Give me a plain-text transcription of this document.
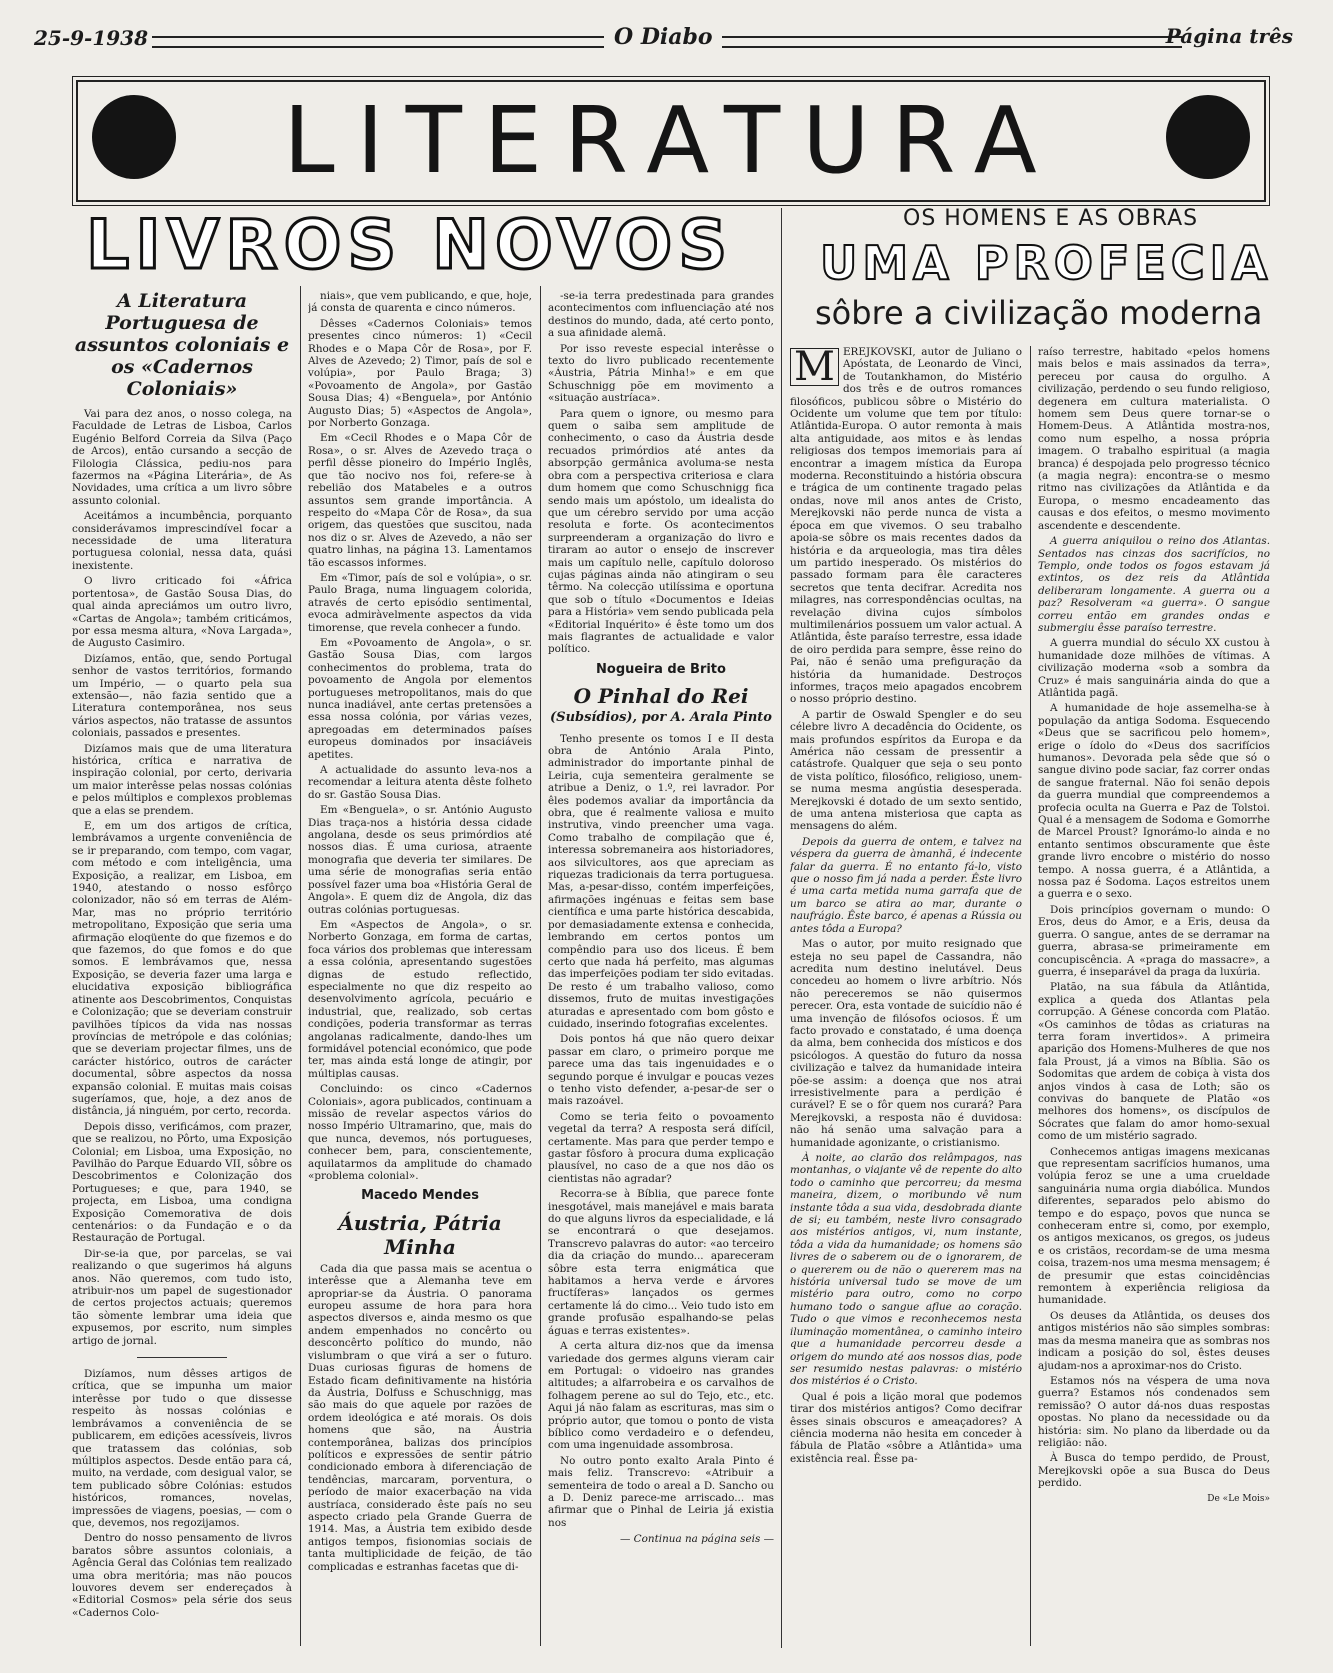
25-9-1938	O Diabo	Página três
LITERATURA
LIVROS NOVOS	OS HOMENS E AS OBRAS
UMA PROFECIA
sôbre a civilização moderna
A Literatura Portuguesa de assuntos coloniais e os «Cadernos Coloniais»

Vai para dez anos, o nosso colega, na Faculdade de Letras de Lisboa, Carlos Eugénio Belford Correia da Silva (Paço de Arcos), então cursando a secção de Filologia Clássica, pediu-nos para fazermos na «Página Literária», de As Novidades, uma crítica a um livro sôbre assunto colonial.

Aceitámos a incumbência, porquanto considerávamos imprescindível focar a necessidade de uma literatura portuguesa colonial, nessa data, quási inexistente.

O livro criticado foi «África portentosa», de Gastão Sousa Dias, do qual ainda apreciámos um outro livro, «Cartas de Angola»; também criticámos, por essa mesma altura, «Nova Largada», de Augusto Casimiro.

Dizíamos, então, que, sendo Portugal senhor de vastos territórios, formando um Império, — o quarto pela sua extensão—, não fazia sentido que a Literatura contemporânea, nos seus vários aspectos, não tratasse de assuntos coloniais, passados e presentes.

Dizíamos mais que de uma literatura histórica, crítica e narrativa de inspiração colonial, por certo, derivaria um maior interêsse pelas nossas colónias e pelos múltiplos e complexos problemas que a elas se prendem.

E, em um dos artigos de crítica, lembrávamos a urgente conveniência de se ir preparando, com tempo, com vagar, com método e com inteligência, uma Exposição, a realizar, em Lisboa, em 1940, atestando o nosso esfôrço colonizador, não só em terras de Além-Mar, mas no próprio território metropolitano, Exposição que seria uma afirmação eloqüente do que fizemos e do que fazemos, do que fomos e do que somos. E lembrávamos que, nessa Exposição, se deveria fazer uma larga e elucidativa exposição bibliográfica atinente aos Descobrimentos, Conquistas e Colonização; que se deveriam construir pavilhões típicos da vida nas nossas províncias de metrópole e das colónias; que se deveriam projectar filmes, uns de carácter histórico, outros de carácter documental, sôbre aspectos da nossa expansão colonial. E muitas mais coisas sugeríamos, que, hoje, a dez anos de distância, já ninguém, por certo, recorda.

Depois disso, verificámos, com prazer, que se realizou, no Pôrto, uma Exposição Colonial; em Lisboa, uma Exposição, no Pavilhão do Parque Eduardo VII, sôbre os Descobrimentos e Colonização dos Portugueses; e que, para 1940, se projecta, em Lisboa, uma condigna Exposição Comemorativa de dois centenários: o da Fundação e o da Restauração de Portugal.

Dir-se-ia que, por parcelas, se vai realizando o que sugerimos há alguns anos. Não queremos, com tudo isto, atribuir-nos um papel de sugestionador de certos projectos actuais; queremos tão sòmente lembrar uma ideia que expusemos, por escrito, num simples artigo de jornal.

Dizíamos, num dêsses artigos de crítica, que se impunha um maior interêsse por tudo o que dissesse respeito às nossas colónias e lembrávamos a conveniência de se publicarem, em edições acessíveis, livros que tratassem das colónias, sob múltiplos aspectos. Desde então para cá, muito, na verdade, com desigual valor, se tem publicado sôbre Colónias: estudos históricos, romances, novelas, impressões de viagens, poesias, — com o que, devemos, nos regozijamos.

Dentro do nosso pensamento de livros baratos sôbre assuntos coloniais, a Agência Geral das Colónias tem realizado uma obra meritória; mas não poucos louvores devem ser endereçados à «Editorial Cosmos» pela série dos seus «Cadernos Colo-

niais», que vem publicando, e que, hoje, já consta de quarenta e cinco números.

Dêsses «Cadernos Coloniais» temos presentes cinco números: 1) «Cecil Rhodes e o Mapa Côr de Rosa», por F. Alves de Azevedo; 2) Timor, país de sol e volúpia», por Paulo Braga; 3) «Povoamento de Angola», por Gastão Sousa Dias; 4) «Benguela», por António Augusto Dias; 5) «Aspectos de Angola», por Norberto Gonzaga.

Em «Cecil Rhodes e o Mapa Côr de Rosa», o sr. Alves de Azevedo traça o perfil dêsse pioneiro do Império Inglês, que tão nocivo nos foi, refere-se à rebelião dos Matabeles e a outros assuntos sem grande importância. A respeito do «Mapa Côr de Rosa», da sua origem, das questões que suscitou, nada nos diz o sr. Alves de Azevedo, a não ser quatro linhas, na página 13. Lamentamos tão escassos informes.

Em «Timor, país de sol e volúpia», o sr. Paulo Braga, numa linguagem colorida, através de certo episódio sentimental, evoca admiràvelmente aspectos da vida timorense, que revela conhecer a fundo.

Em «Povoamento de Angola», o sr. Gastão Sousa Dias, com largos conhecimentos do problema, trata do povoamento de Angola por elementos portugueses metropolitanos, mais do que nunca inadiável, ante certas pretensões a essa nossa colónia, por várias vezes, apregoadas em determinados países europeus dominados por insaciáveis apetites.

A actualidade do assunto leva-nos a recomendar a leitura atenta dêste folheto do sr. Gastão Sousa Dias.

Em «Benguela», o sr. António Augusto Dias traça-nos a história dessa cidade angolana, desde os seus primórdios até nossos dias. É uma curiosa, atraente monografia que deveria ter similares. De uma série de monografias seria então possível fazer uma boa «História Geral de Angola». E quem diz de Angola, diz das outras colónias portuguesas.

Em «Aspectos de Angola», o sr. Norberto Gonzaga, em forma de cartas, foca vários dos problemas que interessam a essa colónia, apresentando sugestões dignas de estudo reflectido, especialmente no que diz respeito ao desenvolvimento agrícola, pecuário e industrial, que, realizado, sob certas condições, poderia transformar as terras angolanas radicalmente, dando-lhes um formidável potencial económico, que pode ter, mas ainda está longe de atingir, por múltiplas causas.

Concluindo: os cinco «Cadernos Coloniais», agora publicados, continuam a missão de revelar aspectos vários do nosso Império Ultramarino, que, mais do que nunca, devemos, nós portugueses, conhecer bem, para, conscientemente, aquilatarmos da amplitude do chamado «problema colonial».

Macedo Mendes
Áustria, Pátria Minha

Cada dia que passa mais se acentua o interêsse que a Alemanha teve em apropriar-se da Áustria. O panorama europeu assume de hora para hora aspectos diversos e, ainda mesmo os que andem empenhados no concêrto ou desconcêrto político do mundo, não vislumbram o que virá a ser o futuro. Duas curiosas figuras de homens de Estado ficam definitivamente na história da Áustria, Dolfuss e Schuschnigg, mas são mais do que aquele por razões de ordem ideológica e até morais. Os dois homens que são, na Áustria contemporânea, balizas dos princípios políticos e expressões de sentir pátrio condicionado embora à diferenciação de tendências, marcaram, porventura, o período de maior exacerbação na vida austríaca, considerado êste país no seu aspecto criado pela Grande Guerra de 1914. Mas, a Áustria tem exibido desde antigos tempos, fisionomias sociais de tanta multiplicidade de feição, de tão complicadas e estranhas facetas que di-

-se-ia terra predestinada para grandes acontecimentos com influenciação até nos destinos do mundo, dada, até certo ponto, a sua afinidade alemã.

Por isso reveste especial interêsse o texto do livro publicado recentemente «Áustria, Pátria Minha!» e em que Schuschnigg põe em movimento a «situação austríaca».

Para quem o ignore, ou mesmo para quem o saiba sem amplitude de conhecimento, o caso da Áustria desde recuados primórdios até antes da absorpção germânica avoluma-se nesta obra com a perspectiva criteriosa e clara dum homem que como Schuschnigg fica sendo mais um apóstolo, um idealista do que um cérebro servido por uma acção resoluta e forte. Os acontecimentos surpreenderam a organização do livro e tiraram ao autor o ensejo de inscrever mais um capítulo nelle, capítulo doloroso cujas páginas ainda não atingiram o seu têrmo. Na colecção utilíssima e oportuna que sob o título «Documentos e Ideias para a História» vem sendo publicada pela «Editorial Inquérito» é êste tomo um dos mais flagrantes de actualidade e valor político.

Nogueira de Brito
O Pinhal do Rei
(Subsídios), por A. Arala Pinto

Tenho presente os tomos I e II desta obra de António Arala Pinto, administrador do importante pinhal de Leiria, cuja sementeira geralmente se atribue a Deniz, o 1.º, rei lavrador. Por êles podemos avaliar da importância da obra, que é realmente valiosa e muito instrutiva, vindo preencher uma vaga. Como trabalho de compilação que é, interessa sobremaneira aos historiadores, aos silvicultores, aos que apreciam as riquezas tradicionais da terra portuguesa. Mas, a-pesar-disso, contém imperfeições, afirmações ingénuas e feitas sem base científica e uma parte histórica descabida, por demasiadamente extensa e conhecida, lembrando em certos pontos um compêndio para uso dos liceus. É bem certo que nada há perfeito, mas algumas das imperfeições podiam ter sido evitadas. De resto é um trabalho valioso, como dissemos, fruto de muitas investigações aturadas e apresentado com bom gôsto e cuidado, inserindo fotografias excelentes.

Dois pontos há que não quero deixar passar em claro, o primeiro porque me parece uma das tais ingenuidades e o segundo porque é invulgar e poucas vezes o tenho visto defender, a-pesar-de ser o mais razoável.

Como se teria feito o povoamento vegetal da terra? A resposta será difícil, certamente. Mas para que perder tempo e gastar fôsforo à procura duma explicação plausível, no caso de a que nos dão os cientistas não agradar?

Recorra-se à Bíblia, que parece fonte inesgotável, mais manejável e mais barata do que alguns livros da especialidade, e lá se encontrará o que desejamos. Transcrevo palavras do autor: «ao terceiro dia da criação do mundo... apareceram sôbre esta terra enigmática que habitamos a herva verde e árvores fructíferas» lançados os germes certamente lá do cimo... Veio tudo isto em grande profusão espalhando-se pelas águas e terras existentes».

A certa altura diz-nos que da imensa variedade dos germes alguns vieram cair em Portugal: o vidoeiro nas grandes altitudes; a alfarrobeira e os carvalhos de folhagem perene ao sul do Tejo, etc., etc. Aqui já não falam as escrituras, mas sim o próprio autor, que tomou o ponto de vista bíblico como verdadeiro e o defendeu, com uma ingenuidade assombrosa.

No outro ponto exalto Arala Pinto é mais feliz. Transcrevo: «Atribuir a sementeira de todo o areal a D. Sancho ou a D. Deniz parece-me arriscado... mas afirmar que o Pinhal de Leiria já existia nos

— Continua na página seis —

M EREJKOVSKI, autor de Juliano o Apóstata, de Leonardo de Vinci, de Toutankhamon, do Mistério dos três e de outros romances filosóficos, publicou sôbre o Mistério do Ocidente um volume que tem por título: Atlântida-Europa. O autor remonta à mais alta antiguidade, aos mitos e às lendas religiosas dos tempos imemoriais para aí encontrar a imagem mística da Europa moderna. Reconstituindo a história obscura e trágica de um continente tragado pelas ondas, nove mil anos antes de Cristo, Merejkovski não perde nunca de vista a época em que vivemos. O seu trabalho apoia-se sôbre os mais recentes dados da história e da arqueologia, mas tira dêles um partido inesperado. Os mistérios do passado formam para êle caracteres secretos que tenta decifrar. Acredita nos milagres, nas correspondências ocultas, na revelação divina cujos símbolos multimilenários possuem um valor actual. A Atlântida, êste paraíso terrestre, essa idade de oiro perdida para sempre, êsse reino do Pai, não é senão uma prefiguração da história da humanidade. Destroços informes, traços meio apagados encobrem o nosso próprio destino.

A partir de Oswald Spengler e do seu célebre livro A decadência do Ocidente, os mais profundos espíritos da Europa e da América não cessam de pressentir a catástrofe. Qualquer que seja o seu ponto de vista político, filosófico, religioso, unem-se numa mesma angústia desesperada. Merejkovski é dotado de um sexto sentido, de uma antena misteriosa que capta as mensagens do além.

Depois da guerra de ontem, e talvez na véspera da guerra de àmanhã, é indecente falar da guerra. É no entanto fá-lo, visto que o nosso fim já nada a perder. Êste livro é uma carta metida numa garrafa que de um barco se atira ao mar, durante o naufrágio. Êste barco, é apenas a Rússia ou antes tôda a Europa?

Mas o autor, por muito resignado que esteja no seu papel de Cassandra, não acredita num destino inelutável. Deus concedeu ao homem o livre arbítrio. Nós não pereceremos se não quisermos perecer. Ora, esta vontade de suicídio não é uma invenção de filósofos ociosos. É um facto provado e constatado, é uma doença da alma, bem conhecida dos místicos e dos psicólogos. A questão do futuro da nossa civilização e talvez da humanidade inteira põe-se assim: a doença que nos atrai irresistivelmente para a perdição é curável? E se o fôr quem nos curará? Para Merejkovski, a resposta não é duvidosa: não há senão uma salvação para a humanidade agonizante, o cristianismo.

À noite, ao clarão dos relâmpagos, nas montanhas, o viajante vê de repente do alto todo o caminho que percorreu; da mesma maneira, dizem, o moribundo vê num instante tôda a sua vida, desdobrada diante de si; eu também, neste livro consagrado aos mistérios antigos, vi, num instante, tôda a vida da humanidade; os homens são livres de o saberem ou de o ignorarem, de o quererem ou de não o quererem mas na história universal tudo se move de um mistério para outro, como no corpo humano todo o sangue aflue ao coração. Tudo o que vimos e reconhecemos nesta iluminação momentânea, o caminho inteiro que a humanidade percorreu desde a origem do mundo até aos nossos dias, pode ser resumido nestas palavras: o mistério dos mistérios é o Cristo.

Qual é pois a lição moral que podemos tirar dos mistérios antigos? Como decifrar êsses sinais obscuros e ameaçadores? A ciência moderna não hesita em conceder à fábula de Platão «sôbre a Atlântida» uma existência real. Êsse pa-

raíso terrestre, habitado «pelos homens mais belos e mais assinados da terra», pereceu por causa do orgulho. A civilização, perdendo o seu fundo religioso, degenera em cultura materialista. O homem sem Deus quere tornar-se o Homem-Deus. A Atlântida mostra-nos, como num espelho, a nossa própria imagem. O trabalho espiritual (a magia branca) é despojada pelo progresso técnico (a magia negra): encontra-se o mesmo ritmo nas civilizações da Atlântida e da Europa, o mesmo encadeamento das causas e dos efeitos, o mesmo movimento ascendente e descendente.

A guerra aniquilou o reino dos Atlantas. Sentados nas cinzas dos sacrifícios, no Templo, onde todos os fogos estavam já extintos, os dez reis da Atlântida deliberaram longamente. A guerra ou a paz? Resolveram «a guerra». O sangue correu então em grandes ondas e submergiu êsse paraíso terrestre.

A guerra mundial do século XX custou à humanidade doze milhões de vítimas. A civilização moderna «sob a sombra da Cruz» é mais sanguinária ainda do que a Atlântida pagã.

A humanidade de hoje assemelha-se à população da antiga Sodoma. Esquecendo «Deus que se sacrificou pelo homem», erige o ídolo do «Deus dos sacrifícios humanos». Devorada pela sêde que só o sangue divino pode saciar, faz correr ondas de sangue fraternal. Não foi senão depois da guerra mundial que compreendemos a profecia oculta na Guerra e Paz de Tolstoi. Qual é a mensagem de Sodoma e Gomorrhe de Marcel Proust? Ignorámo-lo ainda e no entanto sentimos obscuramente que êste grande livro encobre o mistério do nosso tempo. A nossa guerra, é a Atlântida, a nossa paz é Sodoma. Laços estreitos unem a guerra e o sexo.

Dois princípios governam o mundo: O Eros, deus do Amor, e a Eris, deusa da guerra. O sangue, antes de se derramar na guerra, abrasa-se primeiramente em concupiscência. A «praga do massacre», a guerra, é inseparável da praga da luxúria.

Platão, na sua fábula da Atlântida, explica a queda dos Atlantas pela corrupção. A Génese concorda com Platão. «Os caminhos de tôdas as criaturas na terra foram invertidos». A primeira aparição dos Homens-Mulheres de que nos fala Proust, já a vimos na Bíblia. São os Sodomitas que ardem de cobiça à vista dos anjos vindos à casa de Loth; são os convivas do banquete de Platão «os melhores dos homens», os discípulos de Sócrates que falam do amor homo-sexual como de um mistério sagrado.

Conhecemos antigas imagens mexicanas que representam sacrifícios humanos, uma volúpia feroz se une a uma crueldade sanguinária numa orgia diabólica. Mundos diferentes, separados pelo abismo do tempo e do espaço, povos que nunca se conheceram entre si, como, por exemplo, os antigos mexicanos, os gregos, os judeus e os cristãos, recordam-se de uma mesma coisa, trazem-nos uma mesma mensagem; é de presumir que estas coincidências remontem à experiência religiosa da humanidade.

Os deuses da Atlântida, os deuses dos antigos mistérios não são simples sombras: mas da mesma maneira que as sombras nos indicam a posição do sol, êstes deuses ajudam-nos a aproximar-nos do Cristo.

Estamos nós na véspera de uma nova guerra? Estamos nós condenados sem remissão? O autor dá-nos duas respostas opostas. No plano da necessidade ou da história: sim. No plano da liberdade ou da religião: não.

À Busca do tempo perdido, de Proust, Merejkovski opõe a sua Busca do Deus perdido.

De «Le Mois»
